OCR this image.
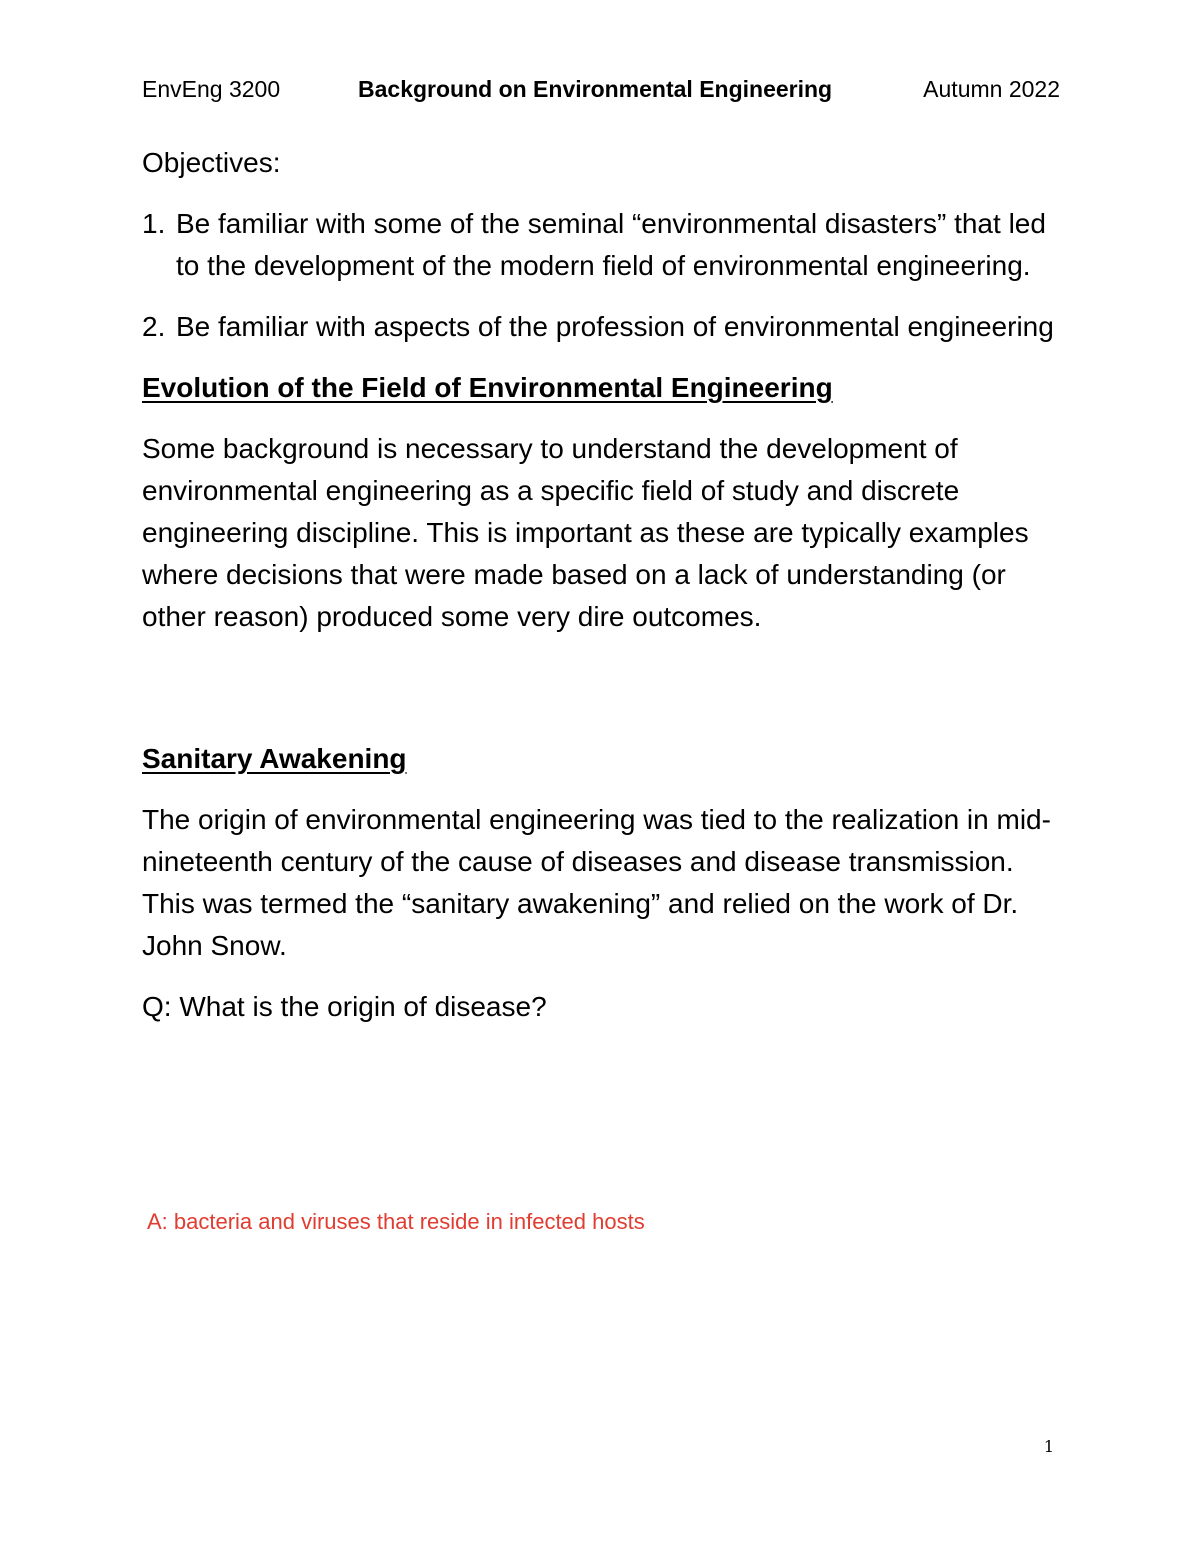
EnvEng 3200	Background on Environmental Engineering	Autumn 2022

Objectives:

1. Be familiar with some of the seminal “environmental disasters” that led to the development of the modern field of environmental engineering.
2. Be familiar with aspects of the profession of environmental engineering

Evolution of the Field of Environmental Engineering

Some background is necessary to understand the development of environmental engineering as a specific field of study and discrete engineering discipline. This is important as these are typically examples where decisions that were made based on a lack of understanding (or other reason) produced some very dire outcomes.

Sanitary Awakening

The origin of environmental engineering was tied to the realization in mid-nineteenth century of the cause of diseases and disease transmission. This was termed the “sanitary awakening” and relied on the work of Dr. John Snow.

Q: What is the origin of disease?

A: bacteria and viruses that reside in infected hosts
1
